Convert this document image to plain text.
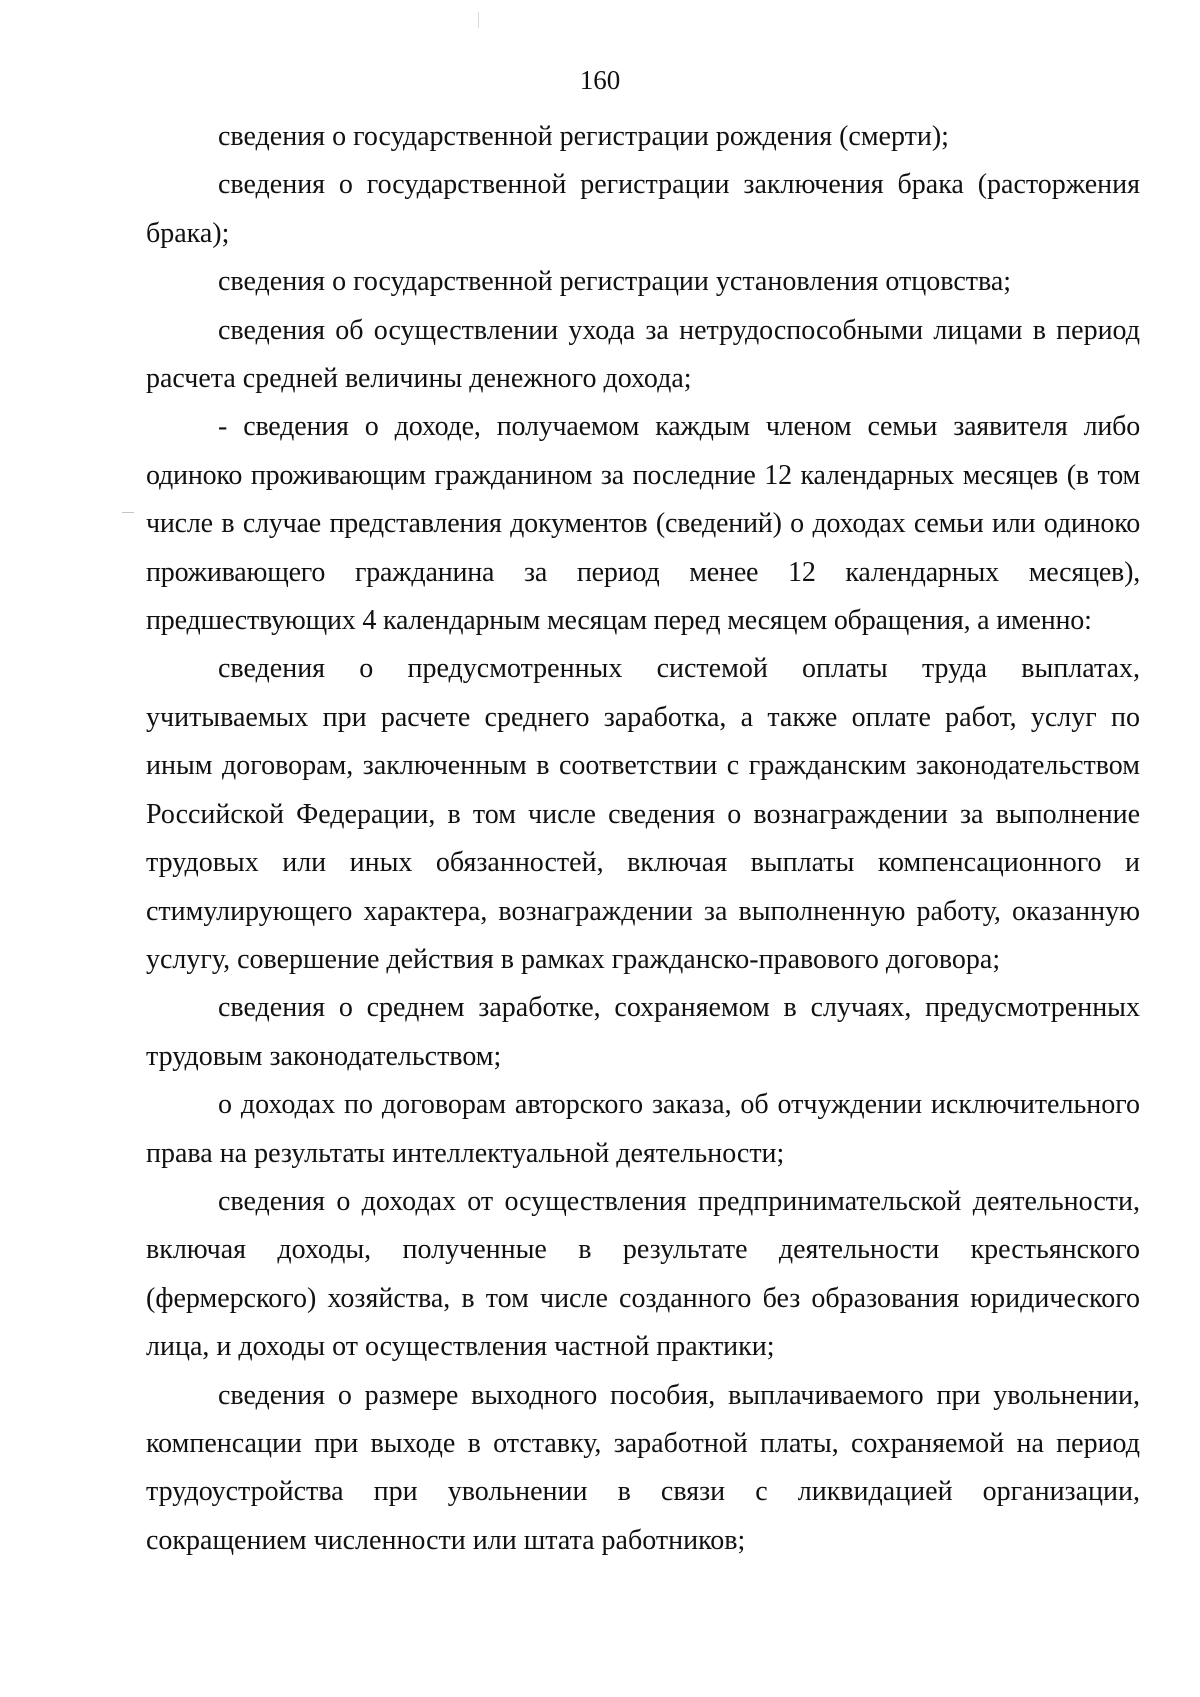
160

сведения о государственной регистрации рождения (смерти);

сведения о государственной регистрации заключения брака (расторжения брака);

сведения о государственной регистрации установления отцовства;

сведения об осуществлении ухода за нетрудоспособными лицами в период расчета средней величины денежного дохода;

- сведения о доходе, получаемом каждым членом семьи заявителя либо одиноко проживающим гражданином за последние 12 календарных месяцев (в том числе в случае представления документов (сведений) о доходах семьи или одиноко проживающего гражданина за период менее 12 календарных месяцев), предшествующих 4 календарным месяцам перед месяцем обращения, а именно:

сведения о предусмотренных системой оплаты труда выплатах, учитываемых при расчете среднего заработка, а также оплате работ, услуг по иным договорам, заключенным в соответствии с гражданским законодательством Российской Федерации, в том числе сведения о вознаграждении за выполнение трудовых или иных обязанностей, включая выплаты компенсационного и стимулирующего характера, вознаграждении за выполненную работу, оказанную услугу, совершение действия в рамках гражданско-правового договора;

сведения о среднем заработке, сохраняемом в случаях, предусмотренных трудовым законодательством;

о доходах по договорам авторского заказа, об отчуждении исключительного права на результаты интеллектуальной деятельности;

сведения о доходах от осуществления предпринимательской деятельности, включая доходы, полученные в результате деятельности крестьянского (фермерского) хозяйства, в том числе созданного без образования юридического лица, и доходы от осуществления частной практики;

сведения о размере выходного пособия, выплачиваемого при увольнении, компенсации при выходе в отставку, заработной платы, сохраняемой на период трудоустройства при увольнении в связи с ликвидацией организации, сокращением численности или штата работников;
